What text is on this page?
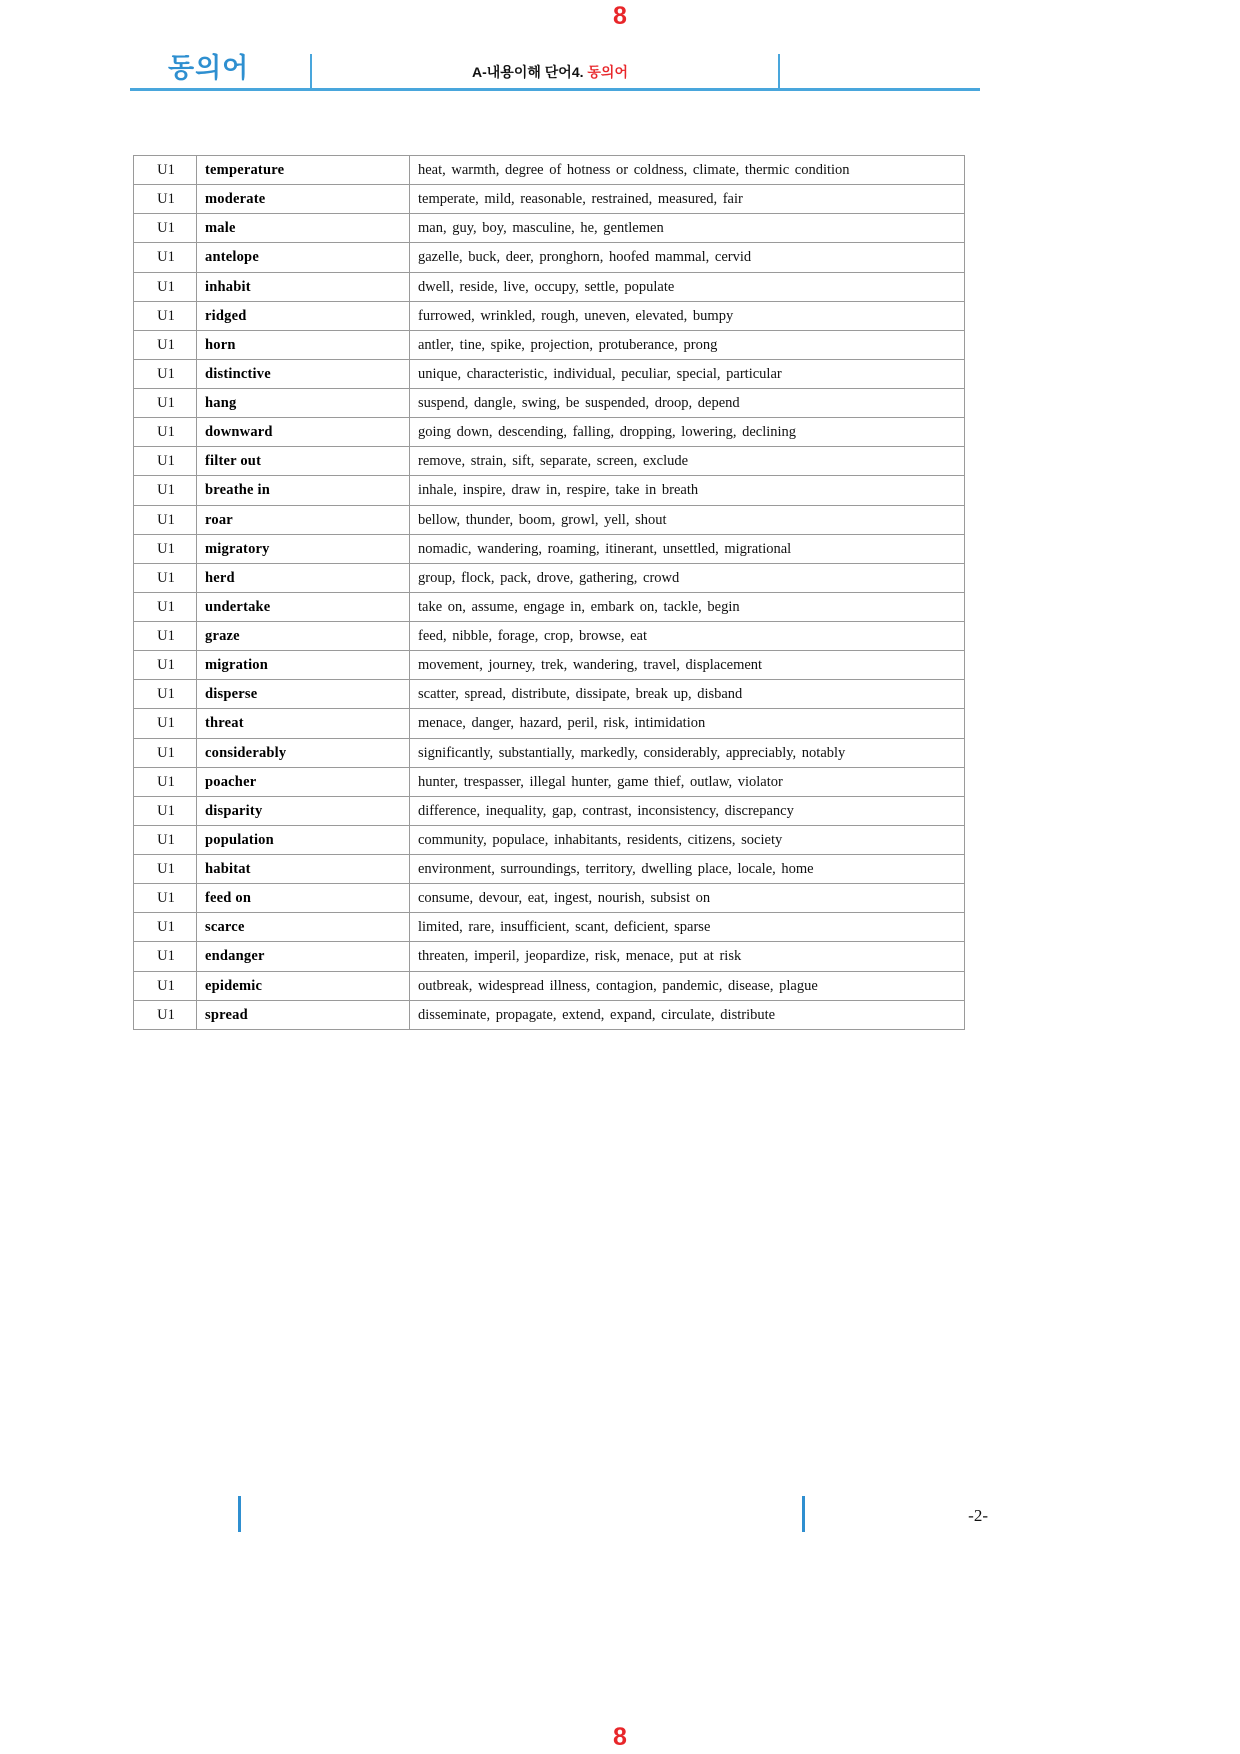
8
동의어	A-내용이해 단어4. 동의어
U1	temperature	heat, warmth, degree of hotness or coldness, climate, thermic condition
U1	moderate	temperate, mild, reasonable, restrained, measured, fair
U1	male	man, guy, boy, masculine, he, gentlemen
U1	antelope	gazelle, buck, deer, pronghorn, hoofed mammal, cervid
U1	inhabit	dwell, reside, live, occupy, settle, populate
U1	ridged	furrowed, wrinkled, rough, uneven, elevated, bumpy
U1	horn	antler, tine, spike, projection, protuberance, prong
U1	distinctive	unique, characteristic, individual, peculiar, special, particular
U1	hang	suspend, dangle, swing, be suspended, droop, depend
U1	downward	going down, descending, falling, dropping, lowering, declining
U1	filter out	remove, strain, sift, separate, screen, exclude
U1	breathe in	inhale, inspire, draw in, respire, take in breath
U1	roar	bellow, thunder, boom, growl, yell, shout
U1	migratory	nomadic, wandering, roaming, itinerant, unsettled, migrational
U1	herd	group, flock, pack, drove, gathering, crowd
U1	undertake	take on, assume, engage in, embark on, tackle, begin
U1	graze	feed, nibble, forage, crop, browse, eat
U1	migration	movement, journey, trek, wandering, travel, displacement
U1	disperse	scatter, spread, distribute, dissipate, break up, disband
U1	threat	menace, danger, hazard, peril, risk, intimidation
U1	considerably	significantly, substantially, markedly, considerably, appreciably, notably
U1	poacher	hunter, trespasser, illegal hunter, game thief, outlaw, violator
U1	disparity	difference, inequality, gap, contrast, inconsistency, discrepancy
U1	population	community, populace, inhabitants, residents, citizens, society
U1	habitat	environment, surroundings, territory, dwelling place, locale, home
U1	feed on	consume, devour, eat, ingest, nourish, subsist on
U1	scarce	limited, rare, insufficient, scant, deficient, sparse
U1	endanger	threaten, imperil, jeopardize, risk, menace, put at risk
U1	epidemic	outbreak, widespread illness, contagion, pandemic, disease, plague
U1	spread	disseminate, propagate, extend, expand, circulate, distribute
-2-
8
